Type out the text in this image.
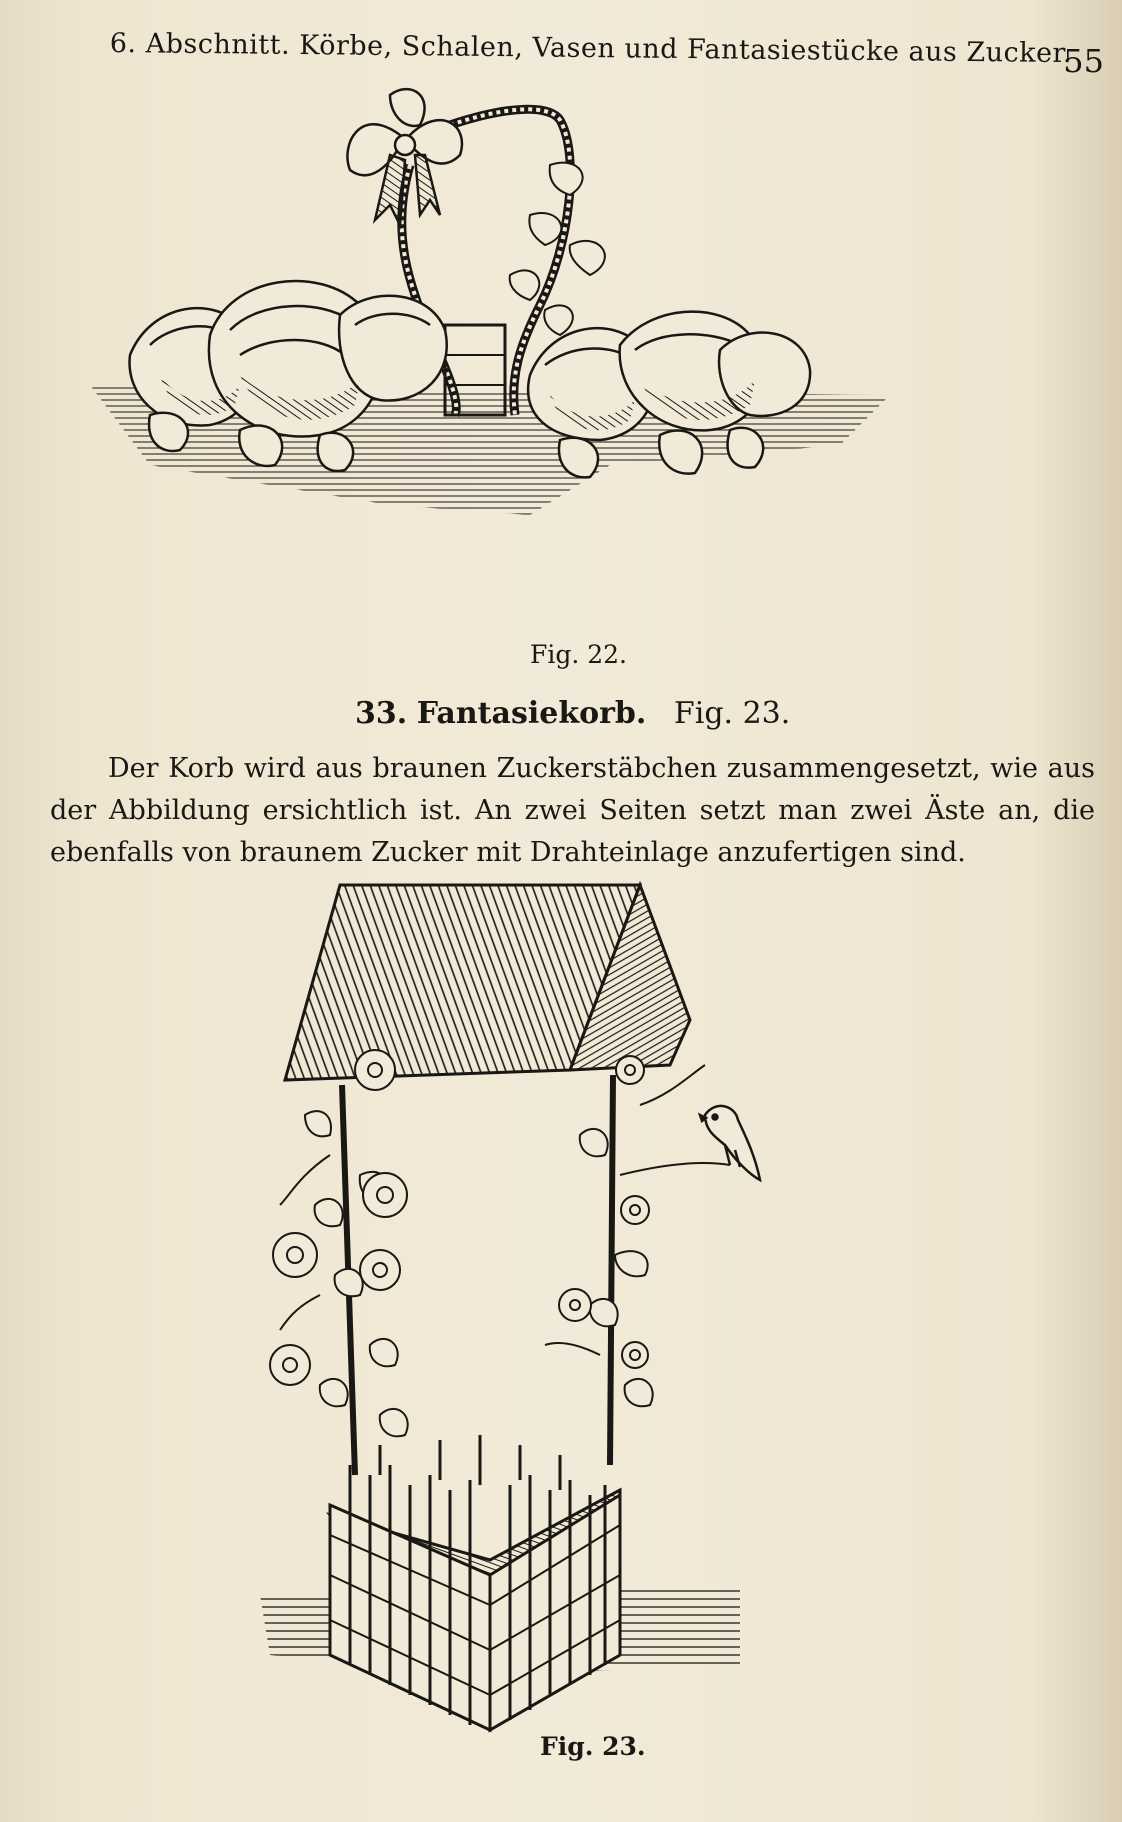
6. Abschnitt. Körbe, Schalen, Vasen und Fantasiestücke aus Zucker.
55
Fig. 22.
33. Fantasiekorb. Fig. 23.

Der Korb wird aus braunen Zuckerstäbchen zusammengesetzt, wie aus der Abbildung ersichtlich ist. An zwei Seiten setzt man zwei Äste an, die ebenfalls von braunem Zucker mit Drahteinlage anzufertigen sind.

Fig. 23.
